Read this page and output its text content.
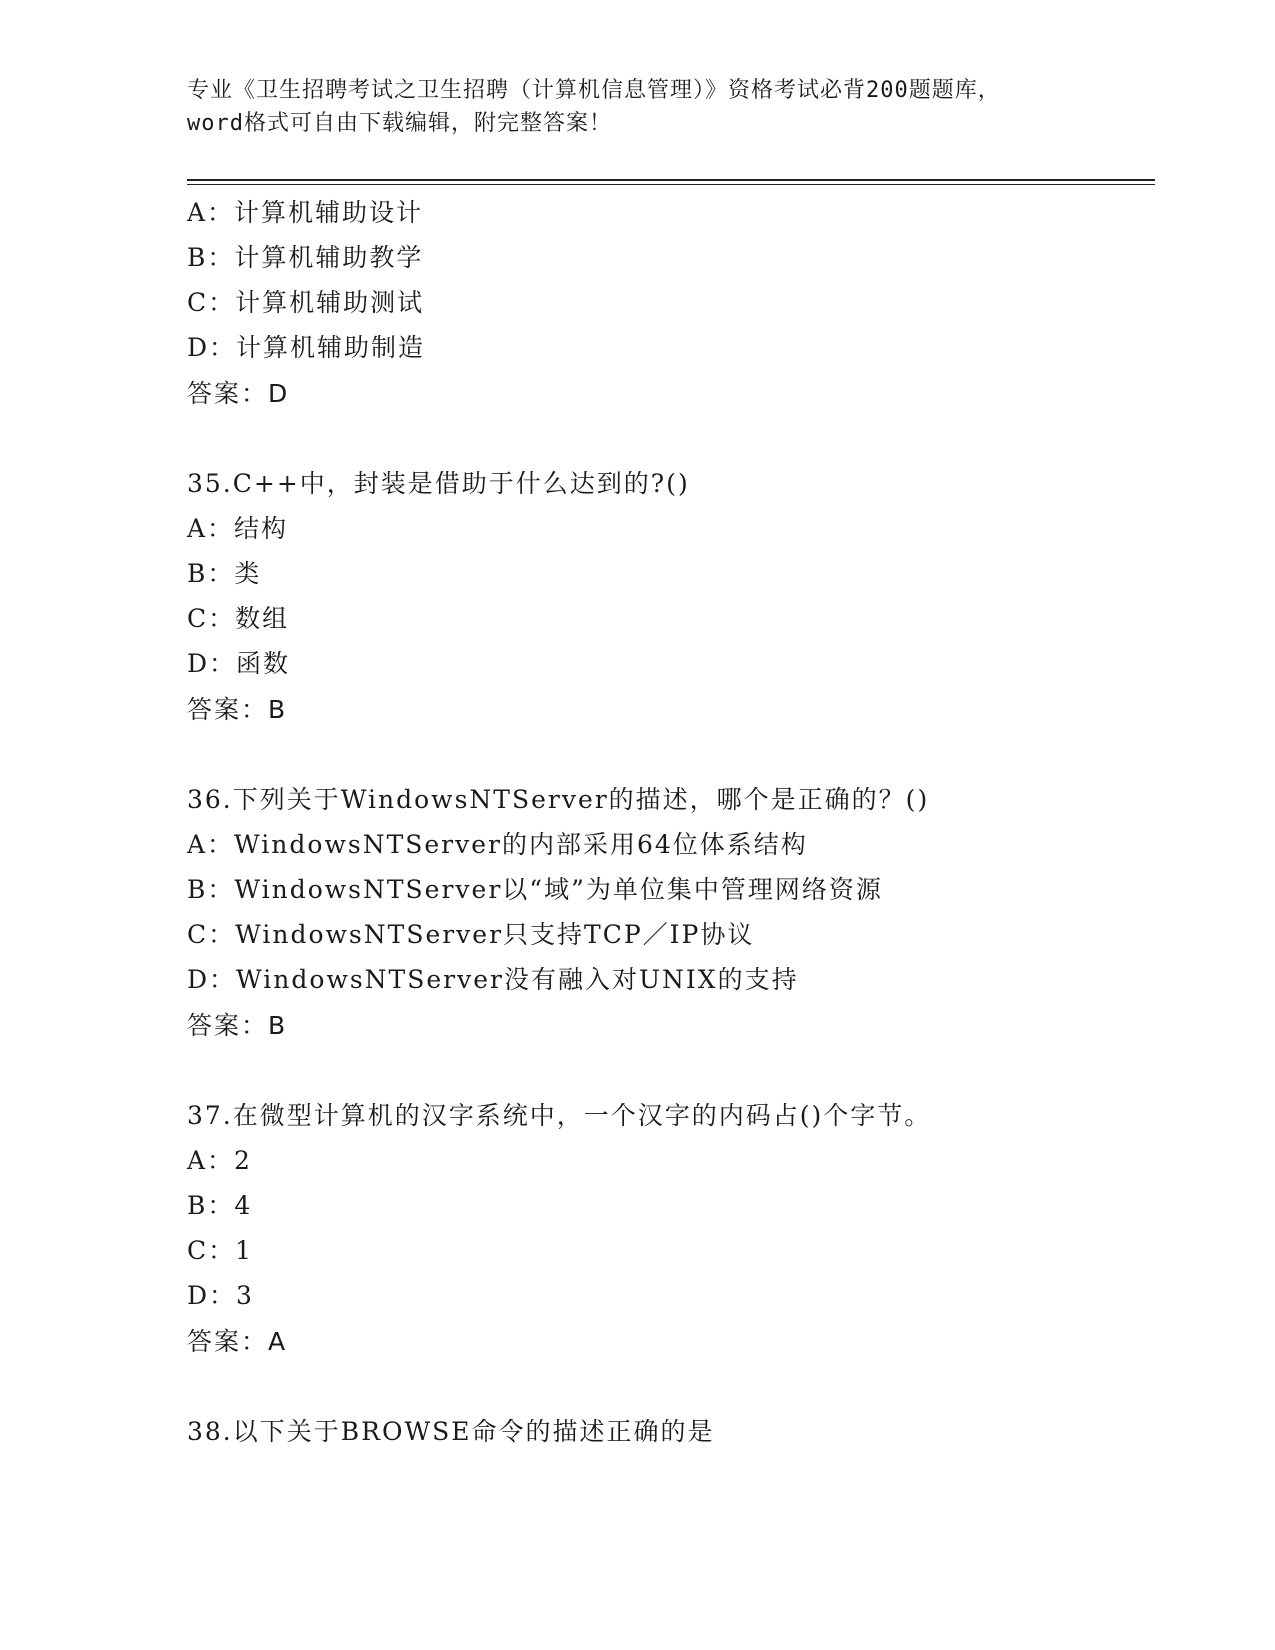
专业《卫生招聘考试之卫生招聘（计算机信息管理）》资格考试必背200题题库，
word格式可自由下载编辑，附完整答案！
A：计算机辅助设计
B：计算机辅助教学
C：计算机辅助测试
D：计算机辅助制造
答案：D
35.C++中，封装是借助于什么达到的?()
A：结构
B：类
C：数组
D：函数
答案：B
36.下列关于WindowsNTServer的描述，哪个是正确的？()
A：WindowsNTServer的内部采用64位体系结构
B：WindowsNTServer以“域”为单位集中管理网络资源
C：WindowsNTServer只支持TCP／IP协议
D：WindowsNTServer没有融入对UNIX的支持
答案：B
37.在微型计算机的汉字系统中，一个汉字的内码占()个字节。
A：2
B：4
C：1
D：3
答案：A
38.以下关于BROWSE命令的描述正确的是
